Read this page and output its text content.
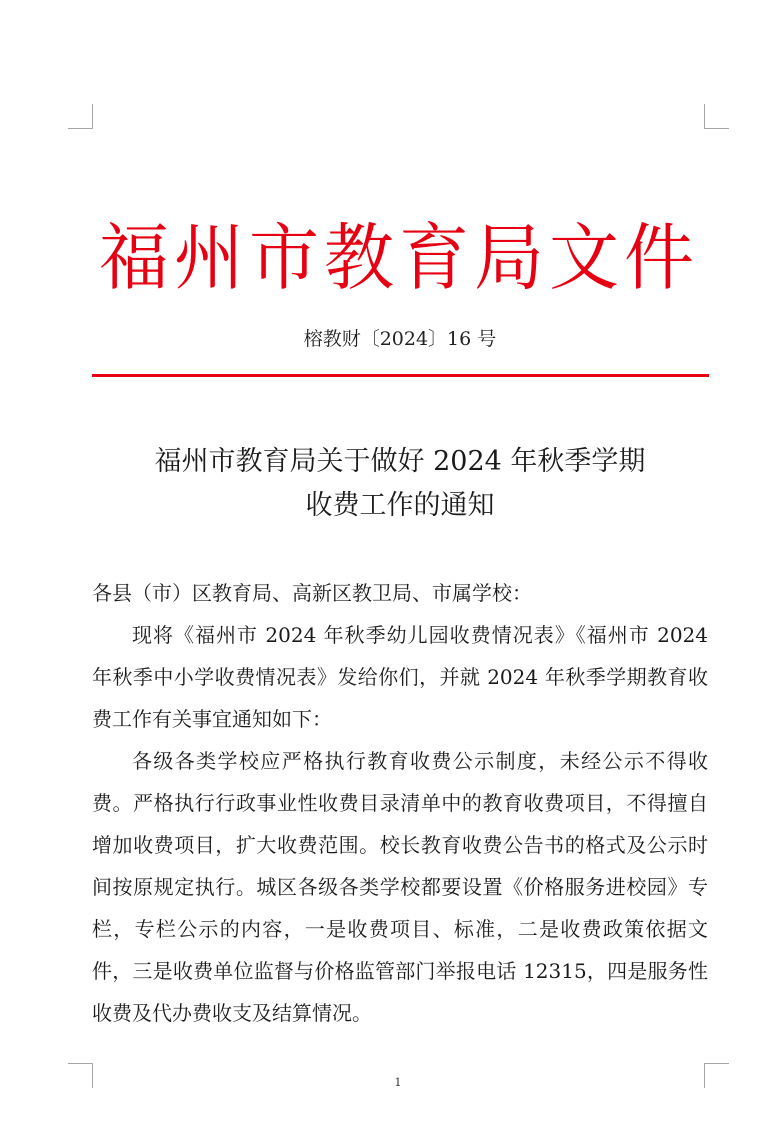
福州市教育局文件
榕教财〔2024〕16 号
福州市教育局关于做好 2024 年秋季学期
收费工作的通知

各县（市）区教育局、高新区教卫局、市属学校：

现将《福州市 2024 年秋季幼儿园收费情况表》《福州市 2024 年秋季中小学收费情况表》发给你们，并就 2024 年秋季学期教育收费工作有关事宜通知如下：

各级各类学校应严格执行教育收费公示制度，未经公示不得收费。严格执行行政事业性收费目录清单中的教育收费项目，不得擅自增加收费项目，扩大收费范围。校长教育收费公告书的格式及公示时间按原规定执行。城区各级各类学校都要设置《价格服务进校园》专栏，专栏公示的内容，一是收费项目、标准，二是收费政策依据文件，三是收费单位监督与价格监管部门举报电话 12315，四是服务性收费及代办费收支及结算情况。

1
